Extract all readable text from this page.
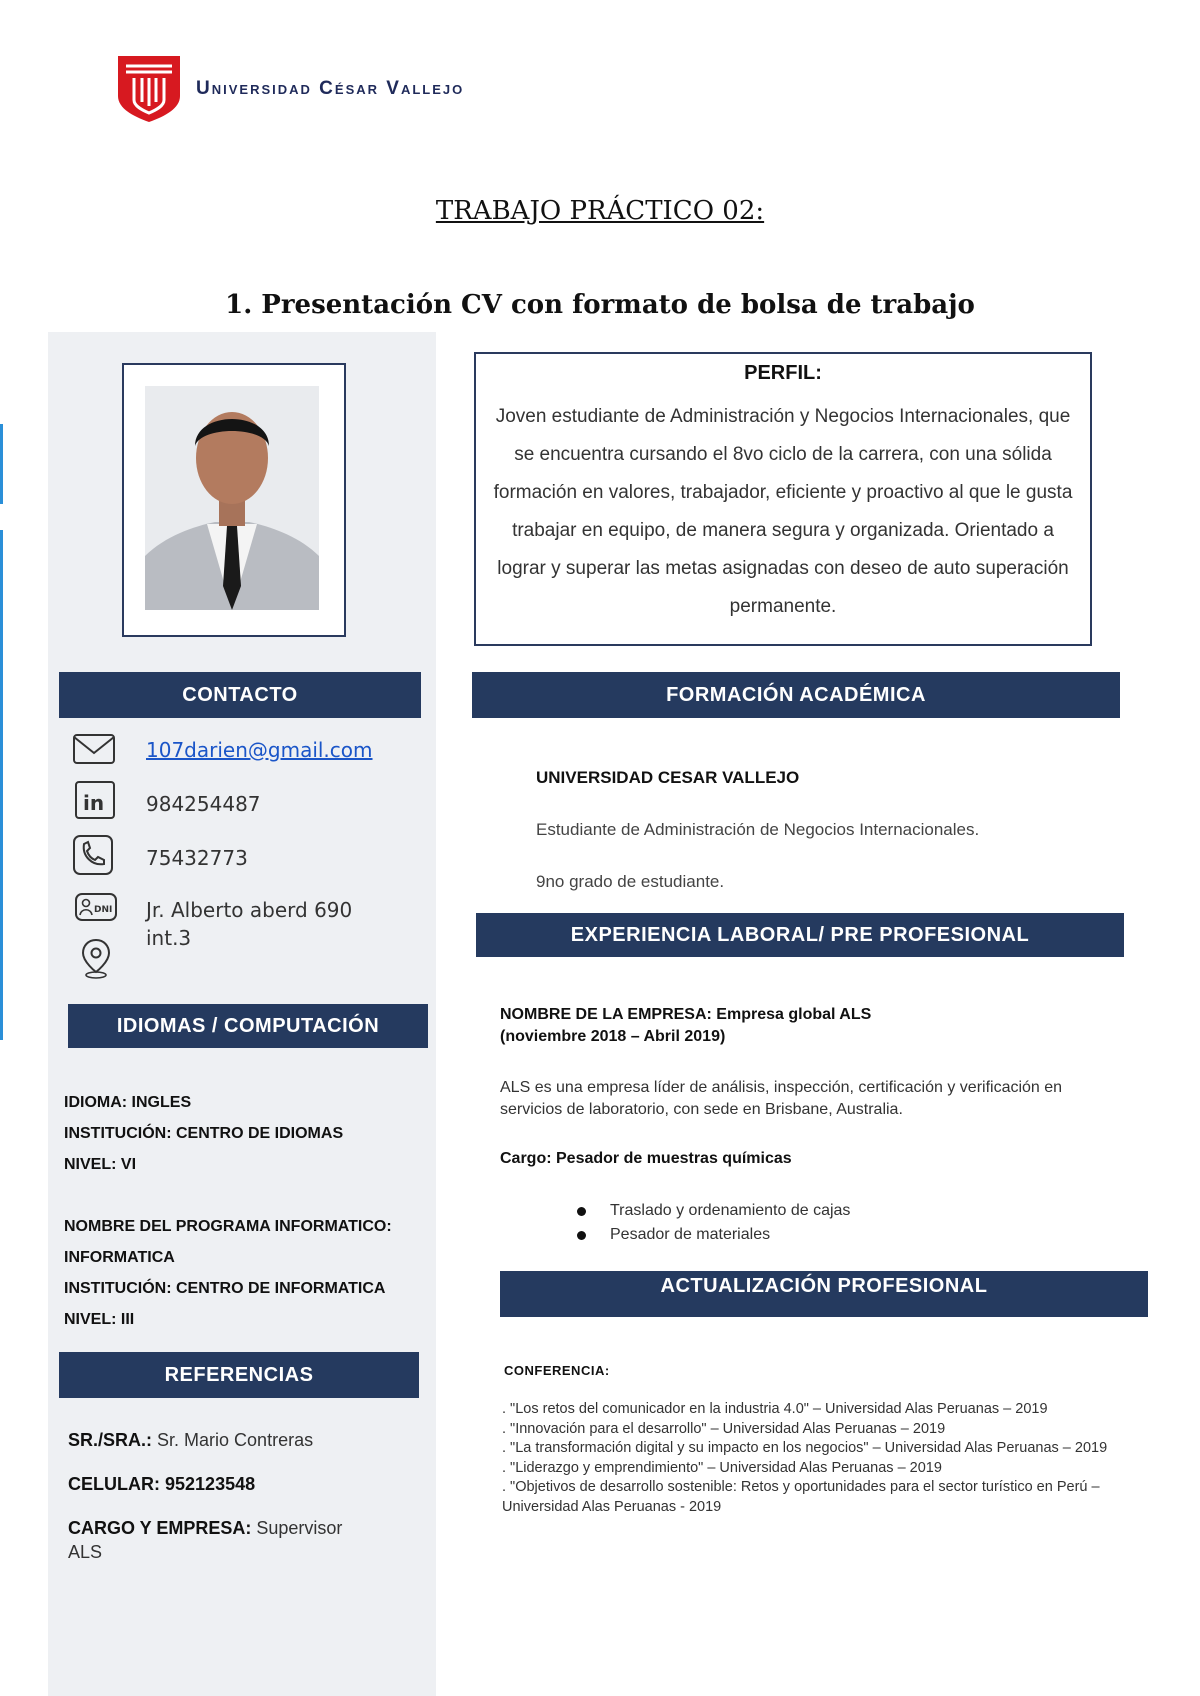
Universidad César Vallejo
TRABAJO PRÁCTICO 02:
1. Presentación CV con formato de bolsa de trabajo
CONTACTO
107darien@gmail.com
in 984254487
75432773
DNI Jr. Alberto aberd 690
int.3
IDIOMAS / COMPUTACIÓN
IDIOMA: INGLES
INSTITUCIÓN: CENTRO DE IDIOMAS
NIVEL: VI
NOMBRE DEL PROGRAMA INFORMATICO:
INFORMATICA
INSTITUCIÓN: CENTRO DE INFORMATICA
NIVEL: III
REFERENCIAS
SR./SRA.: Sr. Mario Contreras
CELULAR: 952123548
CARGO Y EMPRESA: Supervisor
ALS
PERFIL:
Joven estudiante de Administración y Negocios Internacionales, que se encuentra cursando el 8vo ciclo de la carrera, con una sólida formación en valores, trabajador, eficiente y proactivo al que le gusta trabajar en equipo, de manera segura y organizada. Orientado a lograr y superar las metas asignadas con deseo de auto superación permanente.
FORMACIÓN ACADÉMICA
UNIVERSIDAD CESAR VALLEJO
Estudiante de Administración de Negocios Internacionales.
9no grado de estudiante.
EXPERIENCIA LABORAL/ PRE PROFESIONAL
NOMBRE DE LA EMPRESA: Empresa global ALS
(noviembre 2018 – Abril 2019)
ALS es una empresa líder de análisis, inspección, certificación y verificación en servicios de laboratorio, con sede en Brisbane, Australia.
Cargo: Pesador de muestras químicas
Traslado y ordenamiento de cajas
Pesador de materiales
ACTUALIZACIÓN PROFESIONAL
CONFERENCIA:
. "Los retos del comunicador en la industria 4.0" – Universidad Alas Peruanas – 2019
. "Innovación para el desarrollo" – Universidad Alas Peruanas – 2019
. "La transformación digital y su impacto en los negocios" – Universidad Alas Peruanas – 2019
. "Liderazgo y emprendimiento" – Universidad Alas Peruanas – 2019
. "Objetivos de desarrollo sostenible: Retos y oportunidades para el sector turístico en Perú – Universidad Alas Peruanas - 2019
